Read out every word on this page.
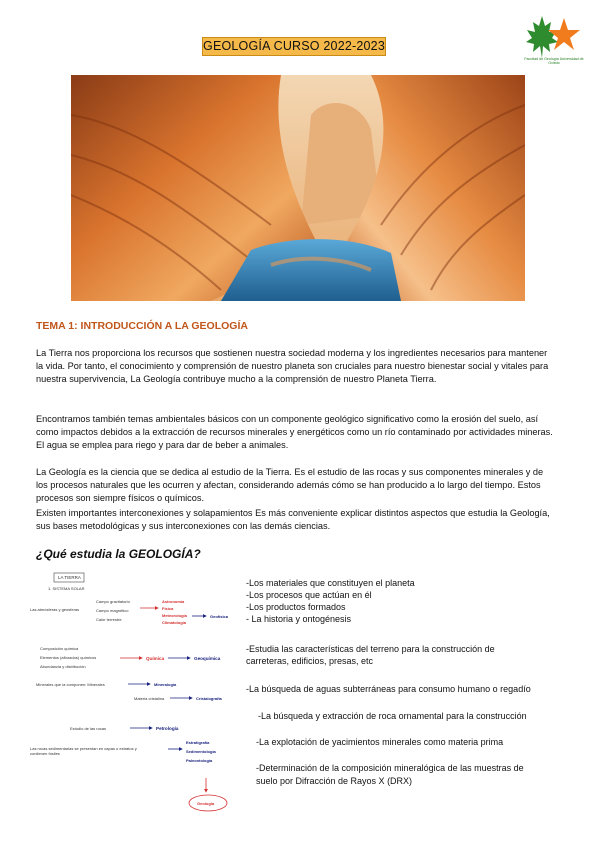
GEOLOGÍA CURSO 2022-2023
Facultad de Geología Universidad de Oviedo
TEMA 1: INTRODUCCIÓN A LA GEOLOGÍA

La Tierra nos proporciona los recursos que sostienen nuestra sociedad moderna y los ingredientes necesarios para mantener la vida. Por tanto, el conocimiento y comprensión de nuestro planeta son cruciales para nuestro bienestar social y vitales para nuestra supervivencia, La Geología contribuye mucho a la comprensión de nuestro Planeta Tierra.

Encontramos también temas ambientales básicos con un componente geológico significativo como la erosión del suelo, así como impactos debidos a la extracción de recursos minerales y energéticos como un río contaminado por actividades mineras. El agua se emplea para riego y para dar de beber a animales.

La Geología es la ciencia que se dedica al estudio de la Tierra. Es el estudio de las rocas y sus componentes minerales y de los procesos naturales que les ocurren y afectan, considerando además cómo se han producido a lo largo del tiempo. Estos procesos son siempre físicos o químicos.

Existen importantes interconexiones y solapamientos Es más conveniente explicar distintos aspectos que estudia la Geología, sus bases metodológicas y sus interconexiones con las demás ciencias.

¿Qué estudia la GEOLOGÍA?
LA TIERRA
1. SISTEMA SOLAR
Campo gravitatorio
Las atmósferas y geosferas	Campo magnético
Calor terrestre
Astronomía
Física
Meteorología
Climatología
Geofísica
Composición química
Elementos (aflorados) químicos
Abundancia y distribución
Química	Geoquímica
Minerales que la componen: Minerales	Mineralogía
Materia cristalina	Cristalografía
Estudio de las rocas	Petrología
Las rocas sedimentarias se presentan en capas o estratos y contienen fósiles
Estratigrafía
Sedimentología
Paleontología
Geología
-Los materiales que constituyen el planeta
-Los procesos que actúan en él
-Los productos formados
- La historia y ontogénesis
-Estudia las características del terreno para la construcción de
carreteras, edificios, presas, etc
-La búsqueda de aguas subterráneas para consumo humano o regadío
-La búsqueda y extracción de roca ornamental para la construcción
-La explotación de yacimientos minerales como materia prima
-Determinación de la composición mineralógica de las muestras de
suelo por Difracción de Rayos X (DRX)
